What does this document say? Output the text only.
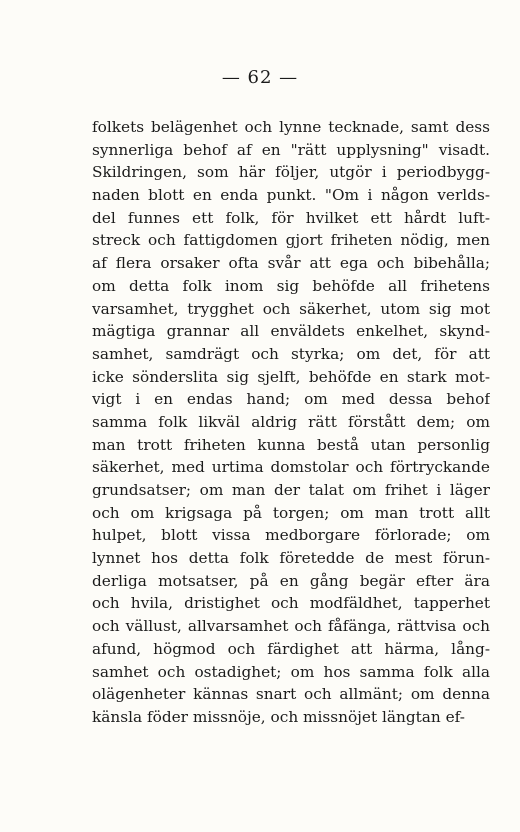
— 62 —
folkets belägenhet och lynne tecknade, samt dess
synnerliga behof af en "rätt upplysning" visadt.
Skildringen, som här följer, utgör i periodbygg-
naden blott en enda punkt. "Om i någon verlds-
del funnes ett folk, för hvilket ett hårdt luft-
streck och fattigdomen gjort friheten nödig, men
af flera orsaker ofta svår att ega och bibehålla;
om detta folk inom sig behöfde all frihetens
varsamhet, trygghet och säkerhet, utom sig mot
mägtiga grannar all enväldets enkelhet, skynd-
samhet, samdrägt och styrka; om det, för att
icke sönderslita sig sjelft, behöfde en stark mot-
vigt i en endas hand; om med dessa behof
samma folk likväl aldrig rätt förstått dem; om
man trott friheten kunna bestå utan personlig
säkerhet, med urtima domstolar och förtryckande
grundsatser; om man der talat om frihet i läger
och om krigsaga på torgen; om man trott allt
hulpet, blott vissa medborgare förlorade; om
lynnet hos detta folk företedde de mest förun-
derliga motsatser, på en gång begär efter ära
och hvila, dristighet och modfäldhet, tapperhet
och vällust, allvarsamhet och fåfänga, rättvisa och
afund, högmod och färdighet att härma, lång-
samhet och ostadighet; om hos samma folk alla
olägenheter kännas snart och allmänt; om denna
känsla föder missnöje, och missnöjet längtan ef-
